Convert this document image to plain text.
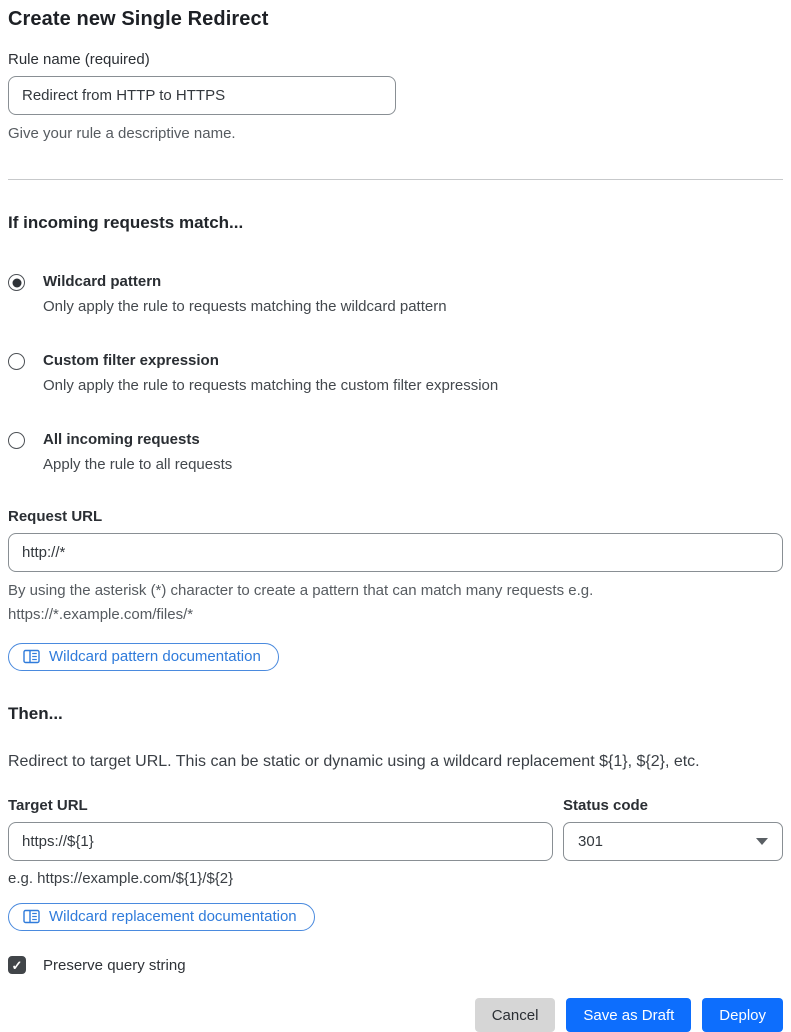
Create new Single Redirect
Rule name (required)
Redirect from HTTP to HTTPS
Give your rule a descriptive name.
If incoming requests match...
Wildcard pattern
Only apply the rule to requests matching the wildcard pattern
Custom filter expression
Only apply the rule to requests matching the custom filter expression
All incoming requests
Apply the rule to all requests
Request URL
http://*
By using the asterisk (*) character to create a pattern that can match many requests e.g.
https://*.example.com/files/*
Wildcard pattern documentation
Then...

Redirect to target URL. This can be static or dynamic using a wildcard replacement ${1}, ${2}, etc.

Target URL
https://${1}
e.g. https://example.com/${1}/${2}
Status code
301
Wildcard replacement documentation
✓ Preserve query string
Cancel	Save as Draft	Deploy
